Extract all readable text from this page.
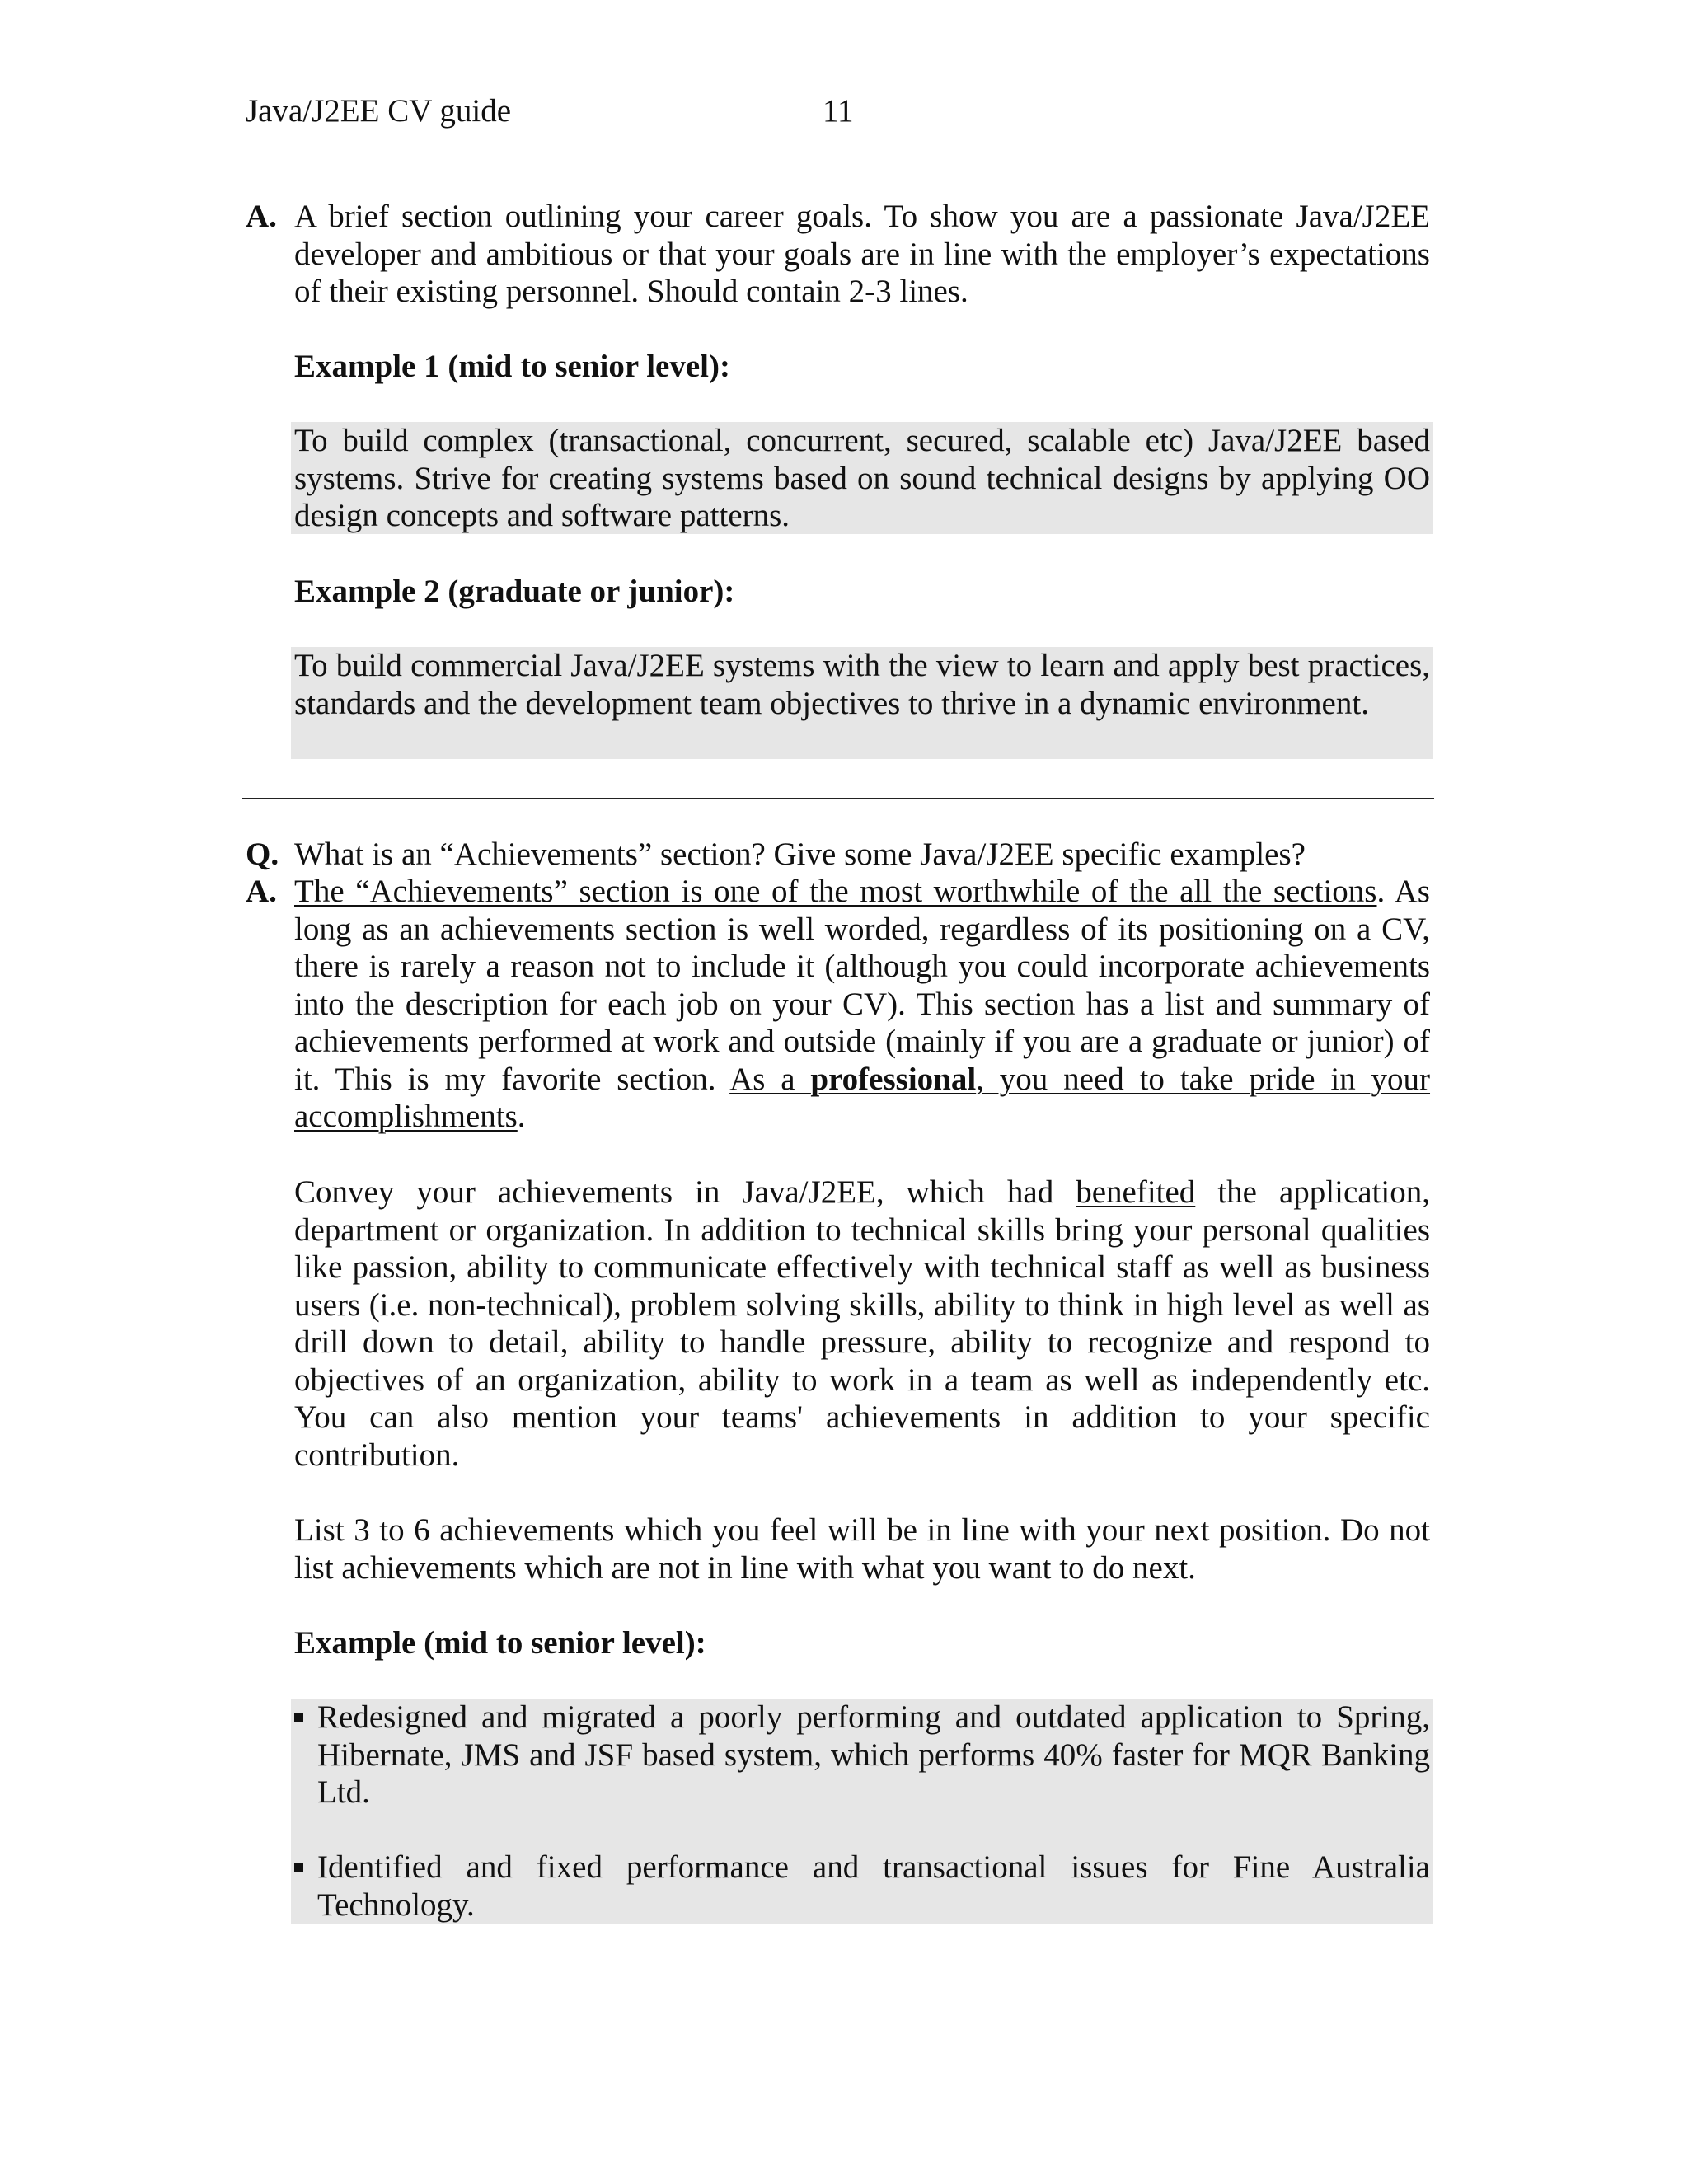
Java/J2EE CV guide	11
A. A brief section outlining your career goals. To show you are a passionate Java/J2EE developer and ambitious or that your goals are in line with the employer’s expectations of their existing personnel. Should contain 2-3 lines.
Example 1 (mid to senior level):
To build complex (transactional, concurrent, secured, scalable etc) Java/J2EE based systems. Strive for creating systems based on sound technical designs by applying OO design concepts and software patterns.
Example 2 (graduate or junior):
To build commercial Java/J2EE systems with the view to learn and apply best practices, standards and the development team objectives to thrive in a dynamic environment.
Q. What is an “Achievements” section? Give some Java/J2EE specific examples?
A. The “Achievements” section is one of the most worthwhile of the all the sections. As long as an achievements section is well worded, regardless of its positioning on a CV, there is rarely a reason not to include it (although you could incorporate achievements into the description for each job on your CV). This section has a list and summary of achievements performed at work and outside (mainly if you are a graduate or junior) of it. This is my favorite section. As a professional, you need to take pride in your accomplishments.
Convey your achievements in Java/J2EE, which had benefited the application, department or organization. In addition to technical skills bring your personal qualities like passion, ability to communicate effectively with technical staff as well as business users (i.e. non-technical), problem solving skills, ability to think in high level as well as drill down to detail, ability to handle pressure, ability to recognize and respond to objectives of an organization, ability to work in a team as well as independently etc. You can also mention your teams' achievements in addition to your specific contribution.
List 3 to 6 achievements which you feel will be in line with your next position. Do not list achievements which are not in line with what you want to do next.
Example (mid to senior level):
Redesigned and migrated a poorly performing and outdated application to Spring, Hibernate, JMS and JSF based system, which performs 40% faster for MQR Banking Ltd.
Identified and fixed performance and transactional issues for Fine Australia Technology.
